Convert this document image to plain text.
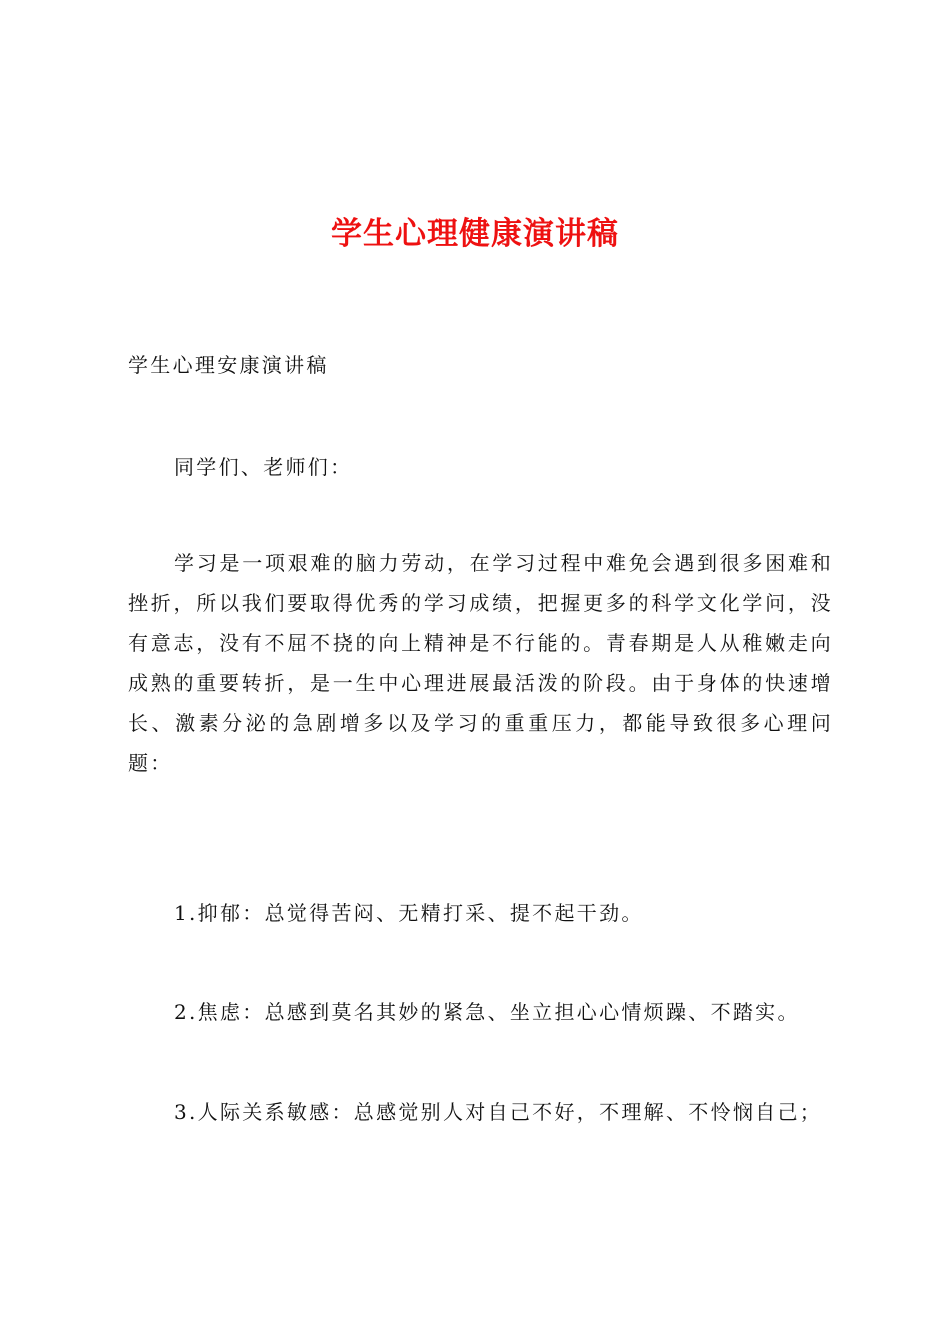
学生心理健康演讲稿

学生心理安康演讲稿

同学们、老师们：

学习是一项艰难的脑力劳动，在学习过程中难免会遇到很多困难和挫折，所以我们要取得优秀的学习成绩，把握更多的科学文化学问，没有意志，没有不屈不挠的向上精神是不行能的。青春期是人从稚嫩走向成熟的重要转折，是一生中心理进展最活泼的阶段。由于身体的快速增长、激素分泌的急剧增多以及学习的重重压力，都能导致很多心理问题：

1.抑郁：总觉得苦闷、无精打采、提不起干劲。

2.焦虑：总感到莫名其妙的紧急、坐立担心心情烦躁、不踏实。

3.人际关系敏感：总感觉别人对自己不好，不理解、不怜悯自己；
